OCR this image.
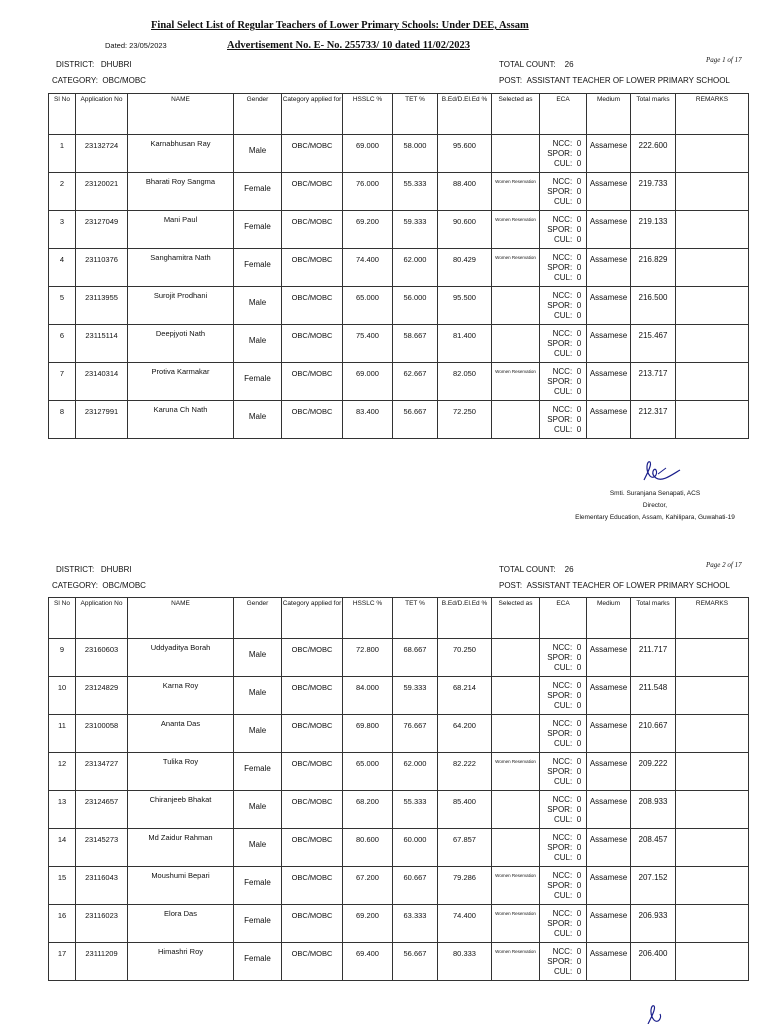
Final Select List of Regular Teachers of Lower Primary Schools: Under DEE, Assam
Dated: 23/05/2023	Advertisement No. E- No. 255733/ 10 dated 11/02/2023
DISTRICT: DHUBRI
CATEGORY: OBC/MOBC
TOTAL COUNT: 26
POST: ASSISTANT TEACHER OF LOWER PRIMARY SCHOOL
Page 1 of 17
Sl No	Application No	NAME	Gender	Category applied for	HSSLC %	TET %	B.Ed/D.El.Ed %	Selected as	ECA	Medium	Total marks	REMARKS

1	23132724	Karnabhusan Ray	Male	OBC/MOBC	69.000	58.000	95.600		NCC: 0
SPOR: 0
CUL: 0	Assamese	222.600	

2	23120021	Bharati Roy Sangma	Female	OBC/MOBC	76.000	55.333	88.400	Women Reservation	NCC: 0
SPOR: 0
CUL: 0	Assamese	219.733	

3	23127049	Mani Paul	Female	OBC/MOBC	69.200	59.333	90.600	Women Reservation	NCC: 0
SPOR: 0
CUL: 0	Assamese	219.133	

4	23110376	Sanghamitra Nath	Female	OBC/MOBC	74.400	62.000	80.429	Women Reservation	NCC: 0
SPOR: 0
CUL: 0	Assamese	216.829	

5	23113955	Surojit Prodhani	Male	OBC/MOBC	65.000	56.000	95.500		NCC: 0
SPOR: 0
CUL: 0	Assamese	216.500	

6	23115114	Deepjyoti Nath	Male	OBC/MOBC	75.400	58.667	81.400		NCC: 0
SPOR: 0
CUL: 0	Assamese	215.467	

7	23140314	Protiva Karmakar	Female	OBC/MOBC	69.000	62.667	82.050	Women Reservation	NCC: 0
SPOR: 0
CUL: 0	Assamese	213.717	

8	23127991	Karuna Ch Nath	Male	OBC/MOBC	83.400	56.667	72.250		NCC: 0
SPOR: 0
CUL: 0	Assamese	212.317	

Smti. Suranjana Senapati, ACS
Director,
Elementary Education, Assam, Kahilipara, Guwahati-19
DISTRICT: DHUBRI
CATEGORY: OBC/MOBC
TOTAL COUNT: 26
POST: ASSISTANT TEACHER OF LOWER PRIMARY SCHOOL
Page 2 of 17
Sl No	Application No	NAME	Gender	Category applied for	HSSLC %	TET %	B.Ed/D.El.Ed %	Selected as	ECA	Medium	Total marks	REMARKS

9	23160603	Uddyaditya Borah	Male	OBC/MOBC	72.800	68.667	70.250		NCC: 0
SPOR: 0
CUL: 0	Assamese	211.717	

10	23124829	Karna Roy	Male	OBC/MOBC	84.000	59.333	68.214		NCC: 0
SPOR: 0
CUL: 0	Assamese	211.548	

11	23100058	Ananta Das	Male	OBC/MOBC	69.800	76.667	64.200		NCC: 0
SPOR: 0
CUL: 0	Assamese	210.667	

12	23134727	Tulika Roy	Female	OBC/MOBC	65.000	62.000	82.222	Women Reservation	NCC: 0
SPOR: 0
CUL: 0	Assamese	209.222	

13	23124657	Chiranjeeb Bhakat	Male	OBC/MOBC	68.200	55.333	85.400		NCC: 0
SPOR: 0
CUL: 0	Assamese	208.933	

14	23145273	Md Zaidur Rahman	Male	OBC/MOBC	80.600	60.000	67.857		NCC: 0
SPOR: 0
CUL: 0	Assamese	208.457	

15	23116043	Moushumi Bepari	Female	OBC/MOBC	67.200	60.667	79.286	Women Reservation	NCC: 0
SPOR: 0
CUL: 0	Assamese	207.152	

16	23116023	Elora Das	Female	OBC/MOBC	69.200	63.333	74.400	Women Reservation	NCC: 0
SPOR: 0
CUL: 0	Assamese	206.933	

17	23111209	Himashri Roy	Female	OBC/MOBC	69.400	56.667	80.333	Women Reservation	NCC: 0
SPOR: 0
CUL: 0	Assamese	206.400	
